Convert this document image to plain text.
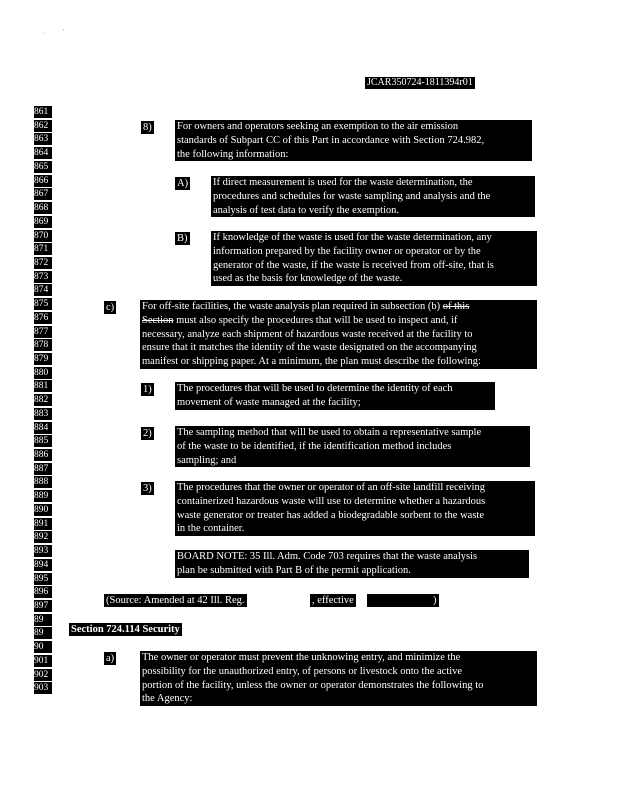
·           ´
JCAR350724-1811394r01
861
862
863
864
865
866
867
868
869
870
871
872
873
874
875
876
877
878
879
880
881
882
883
884
885
886
887
888
889
890
891
892
893
894
895
896
897
89
89
90
901
902
903
8) For owners and operators seeking an exemption to the air emission
standards of Subpart CC of this Part in accordance with Section 724.982,
the following information:
A) If direct measurement is used for the waste determination, the
procedures and schedules for waste sampling and analysis and the
analysis of test data to verify the exemption.
B) If knowledge of the waste is used for the waste determination, any
information prepared by the facility owner or operator or by the
generator of the waste, if the waste is received from off-site, that is
used as the basis for knowledge of the waste.
c)	For off-site facilities, the waste analysis plan required in subsection (b) of this
Section must also specify the procedures that will be used to inspect and, if
necessary, analyze each shipment of hazardous waste received at the facility to
ensure that it matches the identity of the waste designated on the accompanying
manifest or shipping paper. At a minimum, the plan must describe the following:
1) The procedures that will be used to determine the identity of each
movement of waste managed at the facility;
2) The sampling method that will be used to obtain a representative sample
of the waste to be identified, if the identification method includes
sampling; and
3) The procedures that the owner or operator of an off-site landfill receiving
containerized hazardous waste will use to determine whether a hazardous
waste generator or treater has added a biodegradable sorbent to the waste
in the container.
BOARD NOTE: 35 Ill. Adm. Code 703 requires that the waste analysis
plan be submitted with Part B of the permit application.
(Source: Amended at 42 Ill. Reg.	, effective	)
Section 724.114 Security
a)	The owner or operator must prevent the unknowing entry, and minimize the
possibility for the unauthorized entry, of persons or livestock onto the active
portion of the facility, unless the owner or operator demonstrates the following to
the Agency:
